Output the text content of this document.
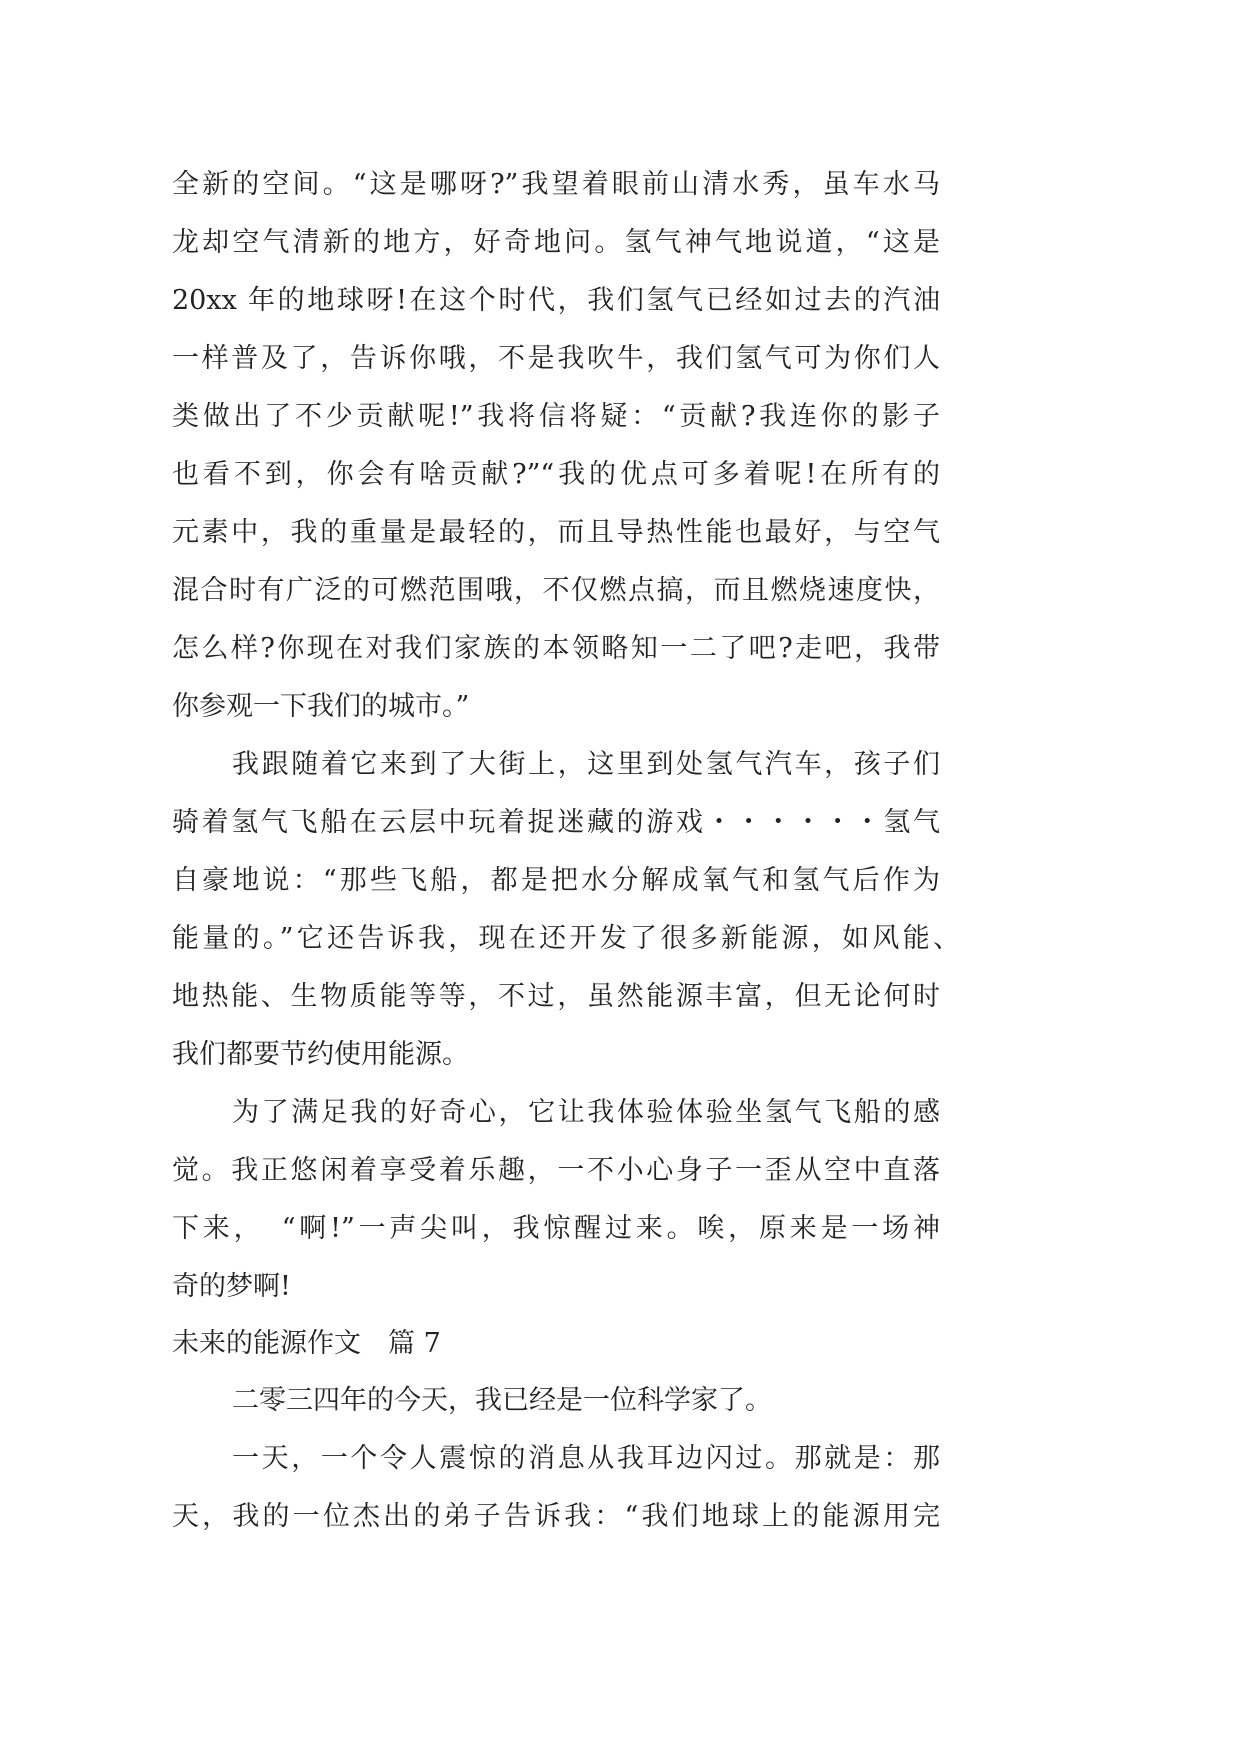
全新的空间。“这是哪呀?”我望着眼前山清水秀，虽车水马
龙却空气清新的地方，好奇地问。氢气神气地说道，“这是
20xx 年的地球呀!在这个时代，我们氢气已经如过去的汽油
一样普及了，告诉你哦，不是我吹牛，我们氢气可为你们人
类做出了不少贡献呢!”我将信将疑：“贡献?我连你的影子
也看不到，你会有啥贡献?”“我的优点可多着呢!在所有的
元素中，我的重量是最轻的，而且导热性能也最好，与空气
混合时有广泛的可燃范围哦，不仅燃点搞，而且燃烧速度快，
怎么样?你现在对我们家族的本领略知一二了吧?走吧，我带
你参观一下我们的城市。”
我跟随着它来到了大街上，这里到处氢气汽车，孩子们
骑着氢气飞船在云层中玩着捉迷藏的游戏・・・・・・氢气
自豪地说：“那些飞船，都是把水分解成氧气和氢气后作为
能量的。”它还告诉我，现在还开发了很多新能源，如风能、
地热能、生物质能等等，不过，虽然能源丰富，但无论何时
我们都要节约使用能源。
为了满足我的好奇心，它让我体验体验坐氢气飞船的感
觉。我正悠闲着享受着乐趣，一不小心身子一歪从空中直落
下来，　“啊!”一声尖叫，我惊醒过来。唉，原来是一场神
奇的梦啊!
未来的能源作文　篇 7
二零三四年的今天，我已经是一位科学家了。
一天，一个令人震惊的消息从我耳边闪过。那就是：那
天，我的一位杰出的弟子告诉我：“我们地球上的能源用完
